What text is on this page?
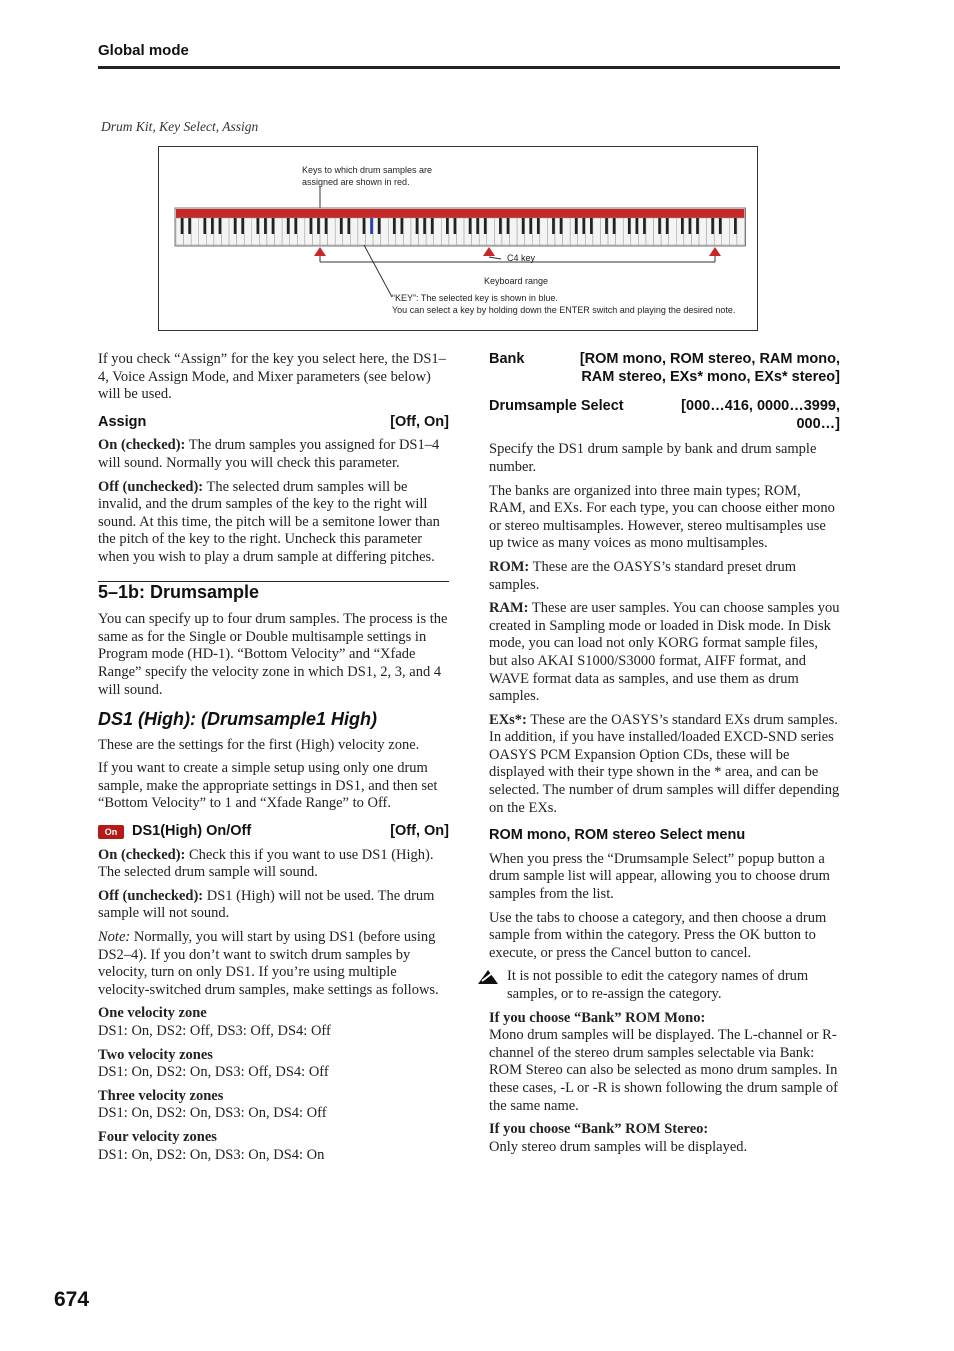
Global mode
Drum Kit, Key Select, Assign
Keys to which drum samples are assigned are shown in red.
C4 key
Keyboard range
“KEY”: The selected key is shown in blue.
You can select a key by holding down the ENTER switch and playing the desired note.

If you check “Assign” for the key you select here, the DS1–4, Voice Assign Mode, and Mixer parameters (see below) will be used.

Assign	[Off, On]

On (checked): The drum samples you assigned for DS1–4 will sound. Normally you will check this parameter.

Off (unchecked): The selected drum samples will be invalid, and the drum samples of the key to the right will sound. At this time, the pitch will be a semitone lower than the pitch of the key to the right. Uncheck this parameter when you wish to play a drum sample at differing pitches.

5–1b: Drumsample

You can specify up to four drum samples. The process is the same as for the Single or Double multisample settings in Program mode (HD-1). “Bottom Velocity” and “Xfade Range” specify the velocity zone in which DS1, 2, 3, and 4 will sound.

DS1 (High): (Drumsample1 High)

These are the settings for the first (High) velocity zone.

If you want to create a simple setup using only one drum sample, make the appropriate settings in DS1, and then set “Bottom Velocity” to 1 and “Xfade Range” to Off.

On	DS1(High) On/Off	[Off, On]

On (checked): Check this if you want to use DS1 (High). The selected drum sample will sound.

Off (unchecked): DS1 (High) will not be used. The drum sample will not sound.

Note: Normally, you will start by using DS1 (before using DS2–4). If you don’t want to switch drum samples by velocity, turn on only DS1. If you’re using multiple velocity-switched drum samples, make settings as follows.

One velocity zone
DS1: On, DS2: Off, DS3: Off, DS4: Off
Two velocity zones
DS1: On, DS2: On, DS3: Off, DS4: Off
Three velocity zones
DS1: On, DS2: On, DS3: On, DS4: Off
Four velocity zones
DS1: On, DS2: On, DS3: On, DS4: On
Bank	[ROM mono, ROM stereo, RAM mono,
RAM stereo, EXs* mono, EXs* stereo]
Drumsample Select	[000…416, 0000…3999,
000…]

Specify the DS1 drum sample by bank and drum sample number.

The banks are organized into three main types; ROM, RAM, and EXs. For each type, you can choose either mono or stereo multisamples. However, stereo multisamples use up twice as many voices as mono multisamples.

ROM: These are the OASYS’s standard preset drum samples.

RAM: These are user samples. You can choose samples you created in Sampling mode or loaded in Disk mode. In Disk mode, you can load not only KORG format sample files, but also AKAI S1000/S3000 format, AIFF format, and WAVE format data as samples, and use them as drum samples.

EXs*: These are the OASYS’s standard EXs drum samples. In addition, if you have installed/loaded EXCD-SND series OASYS PCM Expansion Option CDs, these will be displayed with their type shown in the * area, and can be selected. The number of drum samples will differ depending on the EXs.

ROM mono, ROM stereo Select menu

When you press the “Drumsample Select” popup button a drum sample list will appear, allowing you to choose drum samples from the list.

Use the tabs to choose a category, and then choose a drum sample from within the category. Press the OK button to execute, or press the Cancel button to cancel.

It is not possible to edit the category names of drum samples, or to re-assign the category.
If you choose “Bank” ROM Mono:

Mono drum samples will be displayed. The L-channel or R-channel of the stereo drum samples selectable via Bank: ROM Stereo can also be selected as mono drum samples. In these cases, -L or -R is shown following the drum sample of the same name.

If you choose “Bank” ROM Stereo:

Only stereo drum samples will be displayed.

674
